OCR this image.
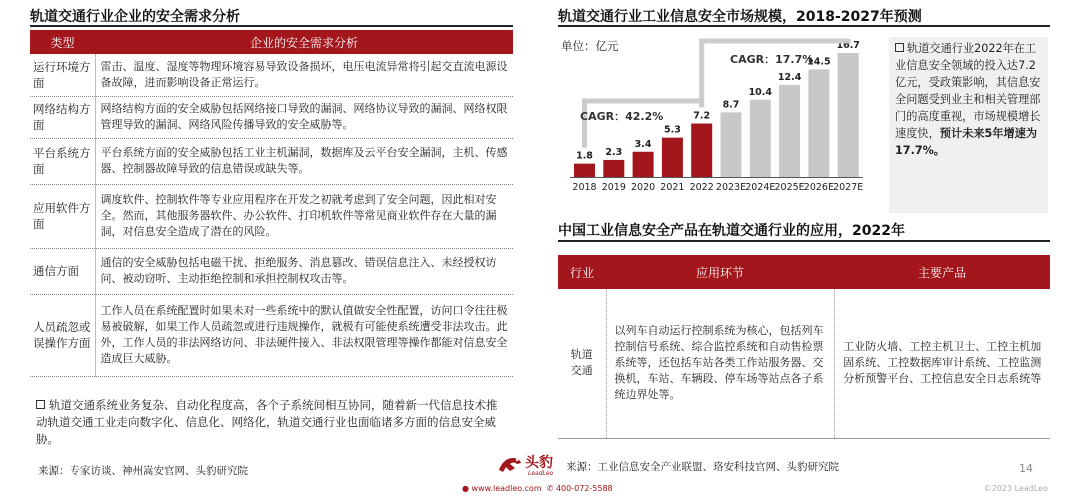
轨道交通行业企业的安全需求分析
类型	企业的安全需求分析
运行环境方面	雷击、温度、湿度等物理环境容易导致设备损坏，电压电流异常将引起交直流电源设备故障，进而影响设备正常运行。
网络结构方面	网络结构方面的安全威胁包括网络接口导致的漏洞、网络协议导致的漏洞、网络权限管理导致的漏洞、网络风险传播导致的安全威胁等。
平台系统方面	平台系统方面的安全威胁包括工业主机漏洞，数据库及云平台安全漏洞，主机、传感器、控制器故障导致的信息错误或缺失等。
应用软件方面	调度软件、控制软件等专业应用程序在开发之初就考虑到了安全问题，因此相对安全。然而，其他服务器软件、办公软件、打印机软件等常见商业软件存在大量的漏洞，对信息安全造成了潜在的风险。
通信方面	通信的安全威胁包括电磁干扰、拒绝服务、消息篡改、错误信息注入、未经授权访问、被动窃听、主动拒绝控制和承担控制权攻击等。
人员疏忽或误操作方面	工作人员在系统配置时如果未对一些系统中的默认值做安全性配置，访问口令往往极易被破解，如果工作人员疏忽或进行违规操作，就极有可能使系统遭受非法攻击。此外，工作人员的非法网络访问、非法硬件接入、非法权限管理等操作都能对信息安全造成巨大威胁。
轨道交通系统业务复杂、自动化程度高，各个子系统间相互协同，随着新一代信息技术推动轨道交通工业走向数字化、信息化、网络化，轨道交通行业也面临诸多方面的信息安全威胁。
来源：专家访谈、神州嵩安官网、头豹研究院
轨道交通行业工业信息安全市场规模，2018-2027年预测
单位：亿元
1.8
2018
2.3
2019
3.4
2020
5.3
2021
7.2
2022
8.7
2023E
10.4
2024E
12.4
2025E
14.5
2026E
16.7
2027E
CAGR：42.2%
CAGR：17.7%
轨道交通行业2022年在工业信息安全领域的投入达7.2亿元，受政策影响，其信息安全问题受到业主和相关管理部门的高度重视，市场规模增长速度快，预计未来5年增速为17.7%。
中国工业信息安全产品在轨道交通行业的应用，2022年
行业	应用环节	主要产品
轨道交通	以列车自动运行控制系统为核心，包括列车控制信号系统、综合监控系统和自动售检票系统等，还包括车站各类工作站服务器、交换机，车站、车辆段、停车场等站点各子系统边界处等。	工业防火墙、工控主机卫士、工控主机加固系统、工控数据库审计系统、工控监测分析预警平台、工控信息安全日志系统等
来源：工业信息安全产业联盟、珞安科技官网、头豹研究院
头豹
LeadLeo
● www.leadleo.com ✆ 400-072-5588	©2023 LeadLeo
14
